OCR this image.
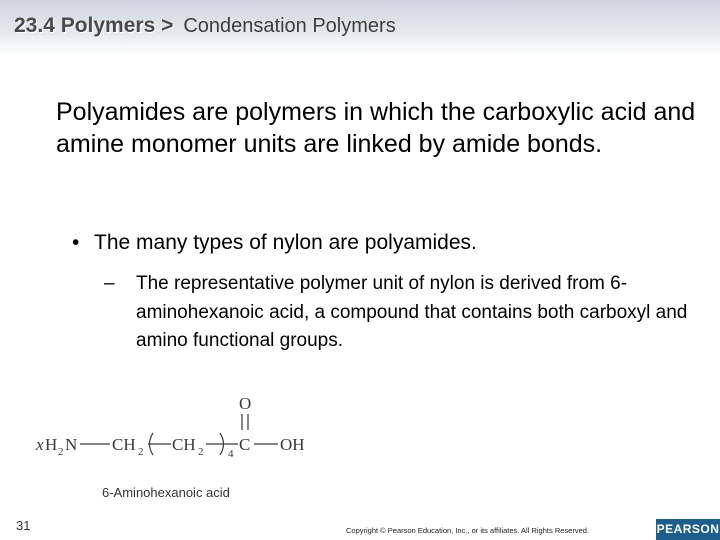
23.4 Polymers > Condensation Polymers
Polyamides are polymers in which the carboxylic acid and amine monomer units are linked by amide bonds.
• The many types of nylon are polyamides.
– The representative polymer unit of nylon is derived from 6-aminohexanoic acid, a compound that contains both carboxyl and amino functional groups.
O
x H 2 N CH 2 CH 2 4 C OH
6-Aminohexanoic acid
31	Copyright © Pearson Education, Inc., or its affiliates. All Rights Reserved.	PEARSON
